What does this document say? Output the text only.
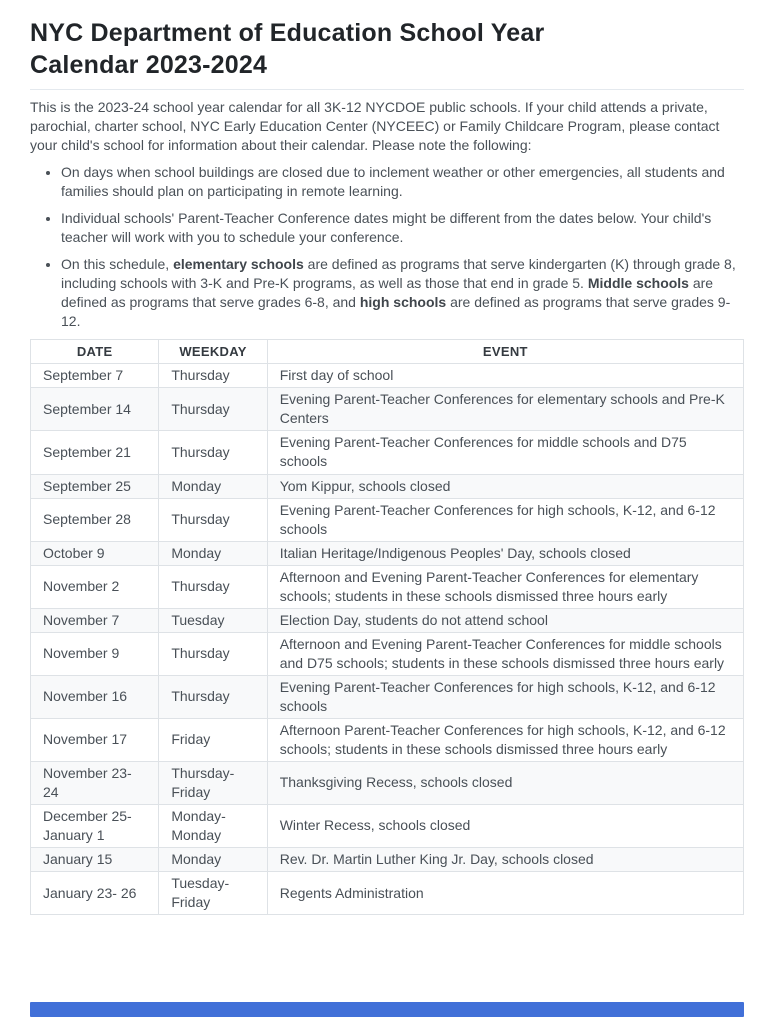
NYC Department of Education School Year Calendar 2023-2024

This is the 2023-24 school year calendar for all 3K-12 NYCDOE public schools. If your child attends a private, parochial, charter school, NYC Early Education Center (NYCEEC) or Family Childcare Program, please contact your child's school for information about their calendar. Please note the following:

• On days when school buildings are closed due to inclement weather or other emergencies, all students and families should plan on participating in remote learning.
• Individual schools' Parent-Teacher Conference dates might be different from the dates below. Your child's teacher will work with you to schedule your conference.
• On this schedule, elementary schools are defined as programs that serve kindergarten (K) through grade 8, including schools with 3-K and Pre-K programs, as well as those that end in grade 5. Middle schools are defined as programs that serve grades 6-8, and high schools are defined as programs that serve grades 9-12.
DATE	WEEKDAY	EVENT
September 7	Thursday	First day of school
September 14	Thursday	Evening Parent-Teacher Conferences for elementary schools and Pre-K Centers
September 21	Thursday	Evening Parent-Teacher Conferences for middle schools and D75 schools
September 25	Monday	Yom Kippur, schools closed
September 28	Thursday	Evening Parent-Teacher Conferences for high schools, K-12, and 6-12 schools
October 9	Monday	Italian Heritage/Indigenous Peoples' Day, schools closed
November 2	Thursday	Afternoon and Evening Parent-Teacher Conferences for elementary schools; students in these schools dismissed three hours early
November 7	Tuesday	Election Day, students do not attend school
November 9	Thursday	Afternoon and Evening Parent-Teacher Conferences for middle schools and D75 schools; students in these schools dismissed three hours early
November 16	Thursday	Evening Parent-Teacher Conferences for high schools, K-12, and 6-12 schools
November 17	Friday	Afternoon Parent-Teacher Conferences for high schools, K-12, and 6-12 schools; students in these schools dismissed three hours early
November 23-24	Thursday-Friday	Thanksgiving Recess, schools closed
December 25-January 1	Monday-Monday	Winter Recess, schools closed
January 15	Monday	Rev. Dr. Martin Luther King Jr. Day, schools closed
January 23- 26	Tuesday-Friday	Regents Administration
